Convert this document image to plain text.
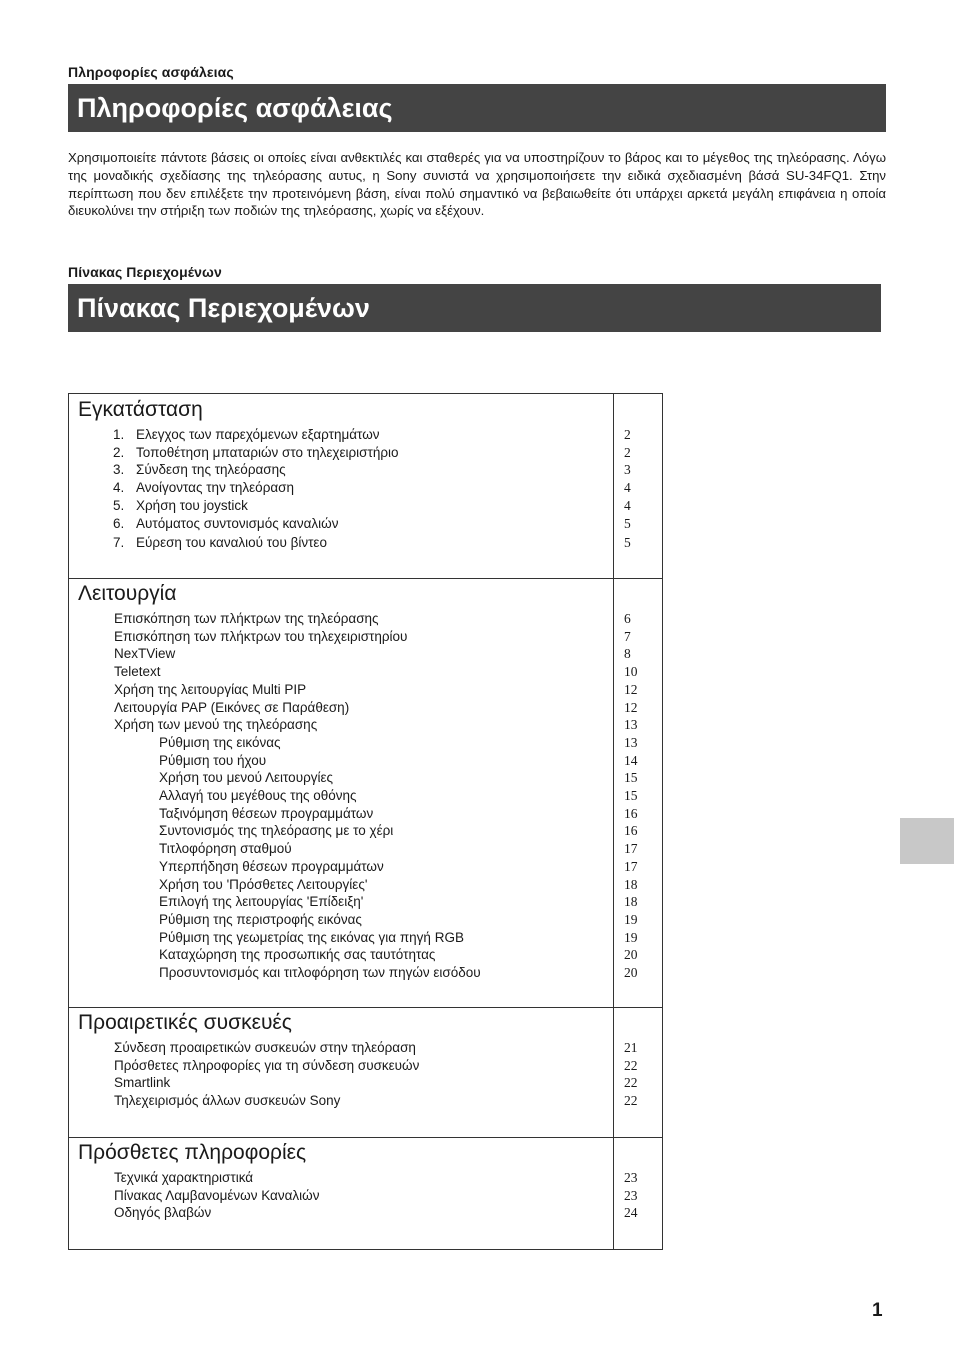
Πληροφορίες ασφάλειας
Πληροφορίες ασφάλειας

Χρησιμοποιείτε πάντοτε βάσεις οι οποίες είναι ανθεκτιλές και σταθερές για να υποστηρίζουν το βάρος και το μέγεθος της τηλεόρασης. Λόγω της μοναδικής σχεδίασης της τηλεόρασης αυτυς, η Sony συνιστά να χρησιμοποιήσετε την ειδικά σχεδιασμένη βάσά SU-34FQ1. Στην περίπτωση που δεν επιλέξετε την προτεινόμενη βάση, είναι πολύ σημαντικό να βεβαιωθείτε ότι υπάρχει αρκετά μεγάλη επιφάνεια η οποία διευκολύνει την στήριξη των ποδιών της τηλεόρασης, χωρίς να εξέχουν.

Πίνακας Περιεχομένων
Πίνακας Περιεχομένων
Εγκατάσταση
1. Ελεγχος των παρεχόμενων εξαρτημάτων	2
2. Τοποθέτηση μπαταριών στο τηλεχειριστήριο	2
3. Σύνδεση της τηλεόρασης	3
4. Ανοίγοντας την τηλεόραση	4
5. Χρήση του joystick	4
6. Αυτόματος συντονισμός καναλιών	5
7. Εύρεση του καναλιού του βίντεο	5
Λειτουργία
Επισκόπηση των πλήκτρων της τηλεόρασης	6
Επισκόπηση των πλήκτρων του τηλεχειριστηρίου	7
NexTView	8
Teletext	10
Χρήση της λειτουργίας Multi PIP	12
Λειτουργία PAP (Εικόνες σε Παράθεση)	12
Χρήση των μενού της τηλεόρασης	13
Ρύθμιση της εικόνας	13
Ρύθμιση του ήχου	14
Χρήση του μενού Λειτουργίες	15
Αλλαγή του μεγέθους της οθόνης	15
Ταξινόμηση θέσεων προγραμμάτων	16
Συντονισμός της τηλεόρασης με το χέρι	16
Τιτλοφόρηση σταθμού	17
Υπερπήδηση θέσεων προγραμμάτων	17
Χρήση του 'Πρόσθετες Λειτουργίες'	18
Επιλογή της λειτουργίας 'Επίδειξη'	18
Ρύθμιση της περιστροφής εικόνας	19
Ρύθμιση της γεωμετρίας της εικόνας για πηγή RGB	19
Καταχώρηση της προσωπικής σας ταυτότητας	20
Προσυντονισμός και τιτλοφόρηση των πηγών εισόδου	20
Προαιρετικές συσκευές
Σύνδεση προαιρετικών συσκευών στην τηλεόραση	21
Πρόσθετες πληροφορίες για τη σύνδεση συσκευών	22
Smartlink	22
Τηλεχειρισμός άλλων συσκευών Sony	22
Πρόσθετες πληροφορίες
Τεχνικά χαρακτηριστικά	23
Πίνακας Λαμβανομένων Καναλιών	23
Οδηγός βλαβών	24
1
